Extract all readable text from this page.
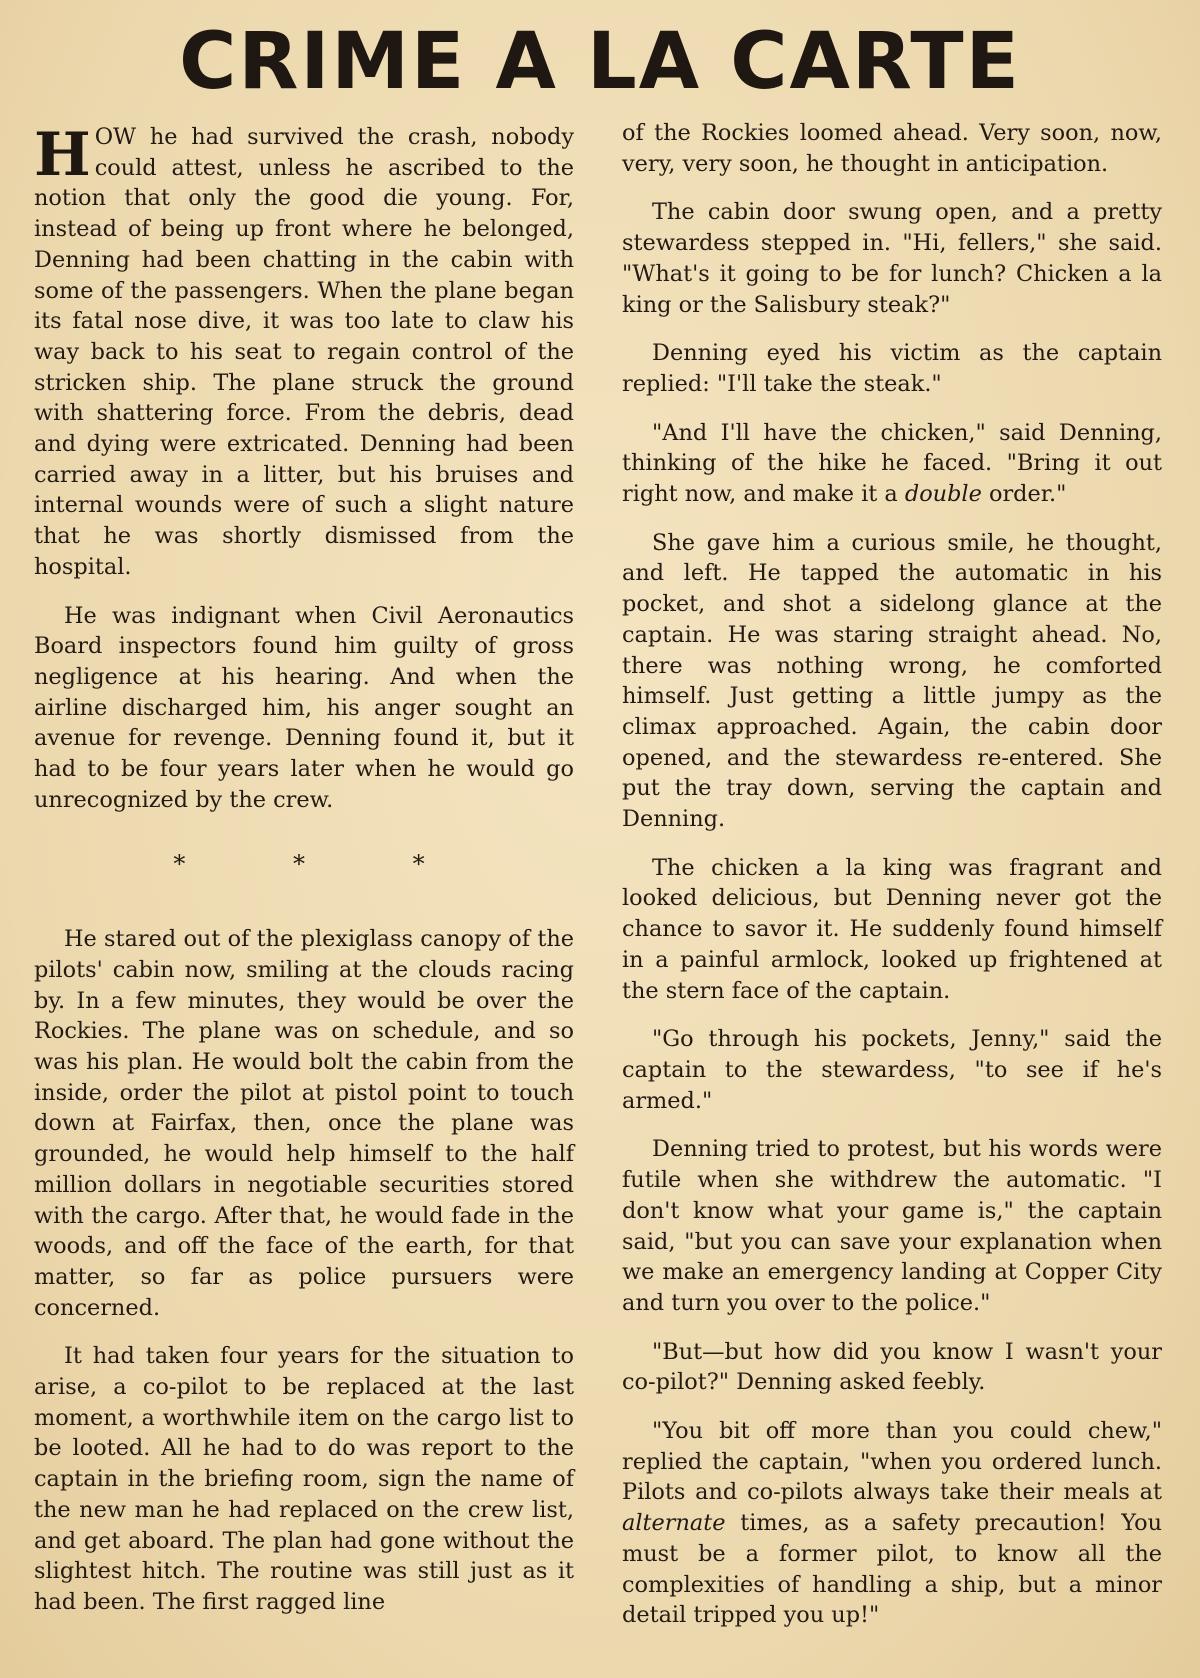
CRIME A LA CARTE

HOW he had survived the crash, nobody could attest, unless he ascribed to the notion that only the good die young. For, instead of being up front where he belonged, Denning had been chatting in the cabin with some of the passengers. When the plane began its fatal nose dive, it was too late to claw his way back to his seat to regain control of the stricken ship. The plane struck the ground with shattering force. From the debris, dead and dying were extricated. Denning had been carried away in a litter, but his bruises and internal wounds were of such a slight nature that he was shortly dismissed from the hospital.

He was indignant when Civil Aeronautics Board inspectors found him guilty of gross negligence at his hearing. And when the airline discharged him, his anger sought an avenue for revenge. Denning found it, but it had to be four years later when he would go unrecognized by the crew.

* * *

He stared out of the plexiglass canopy of the pilots' cabin now, smiling at the clouds racing by. In a few minutes, they would be over the Rockies. The plane was on schedule, and so was his plan. He would bolt the cabin from the inside, order the pilot at pistol point to touch down at Fairfax, then, once the plane was grounded, he would help himself to the half million dollars in negotiable securities stored with the cargo. After that, he would fade in the woods, and off the face of the earth, for that matter, so far as police pursuers were concerned.

It had taken four years for the situation to arise, a co-pilot to be replaced at the last moment, a worthwhile item on the cargo list to be looted. All he had to do was report to the captain in the briefing room, sign the name of the new man he had replaced on the crew list, and get aboard. The plan had gone without the slightest hitch. The routine was still just as it had been. The first ragged line

of the Rockies loomed ahead. Very soon, now, very, very soon, he thought in anticipation.

The cabin door swung open, and a pretty stewardess stepped in. "Hi, fellers," she said. "What's it going to be for lunch? Chicken a la king or the Salisbury steak?"

Denning eyed his victim as the captain replied: "I'll take the steak."

"And I'll have the chicken," said Denning, thinking of the hike he faced. "Bring it out right now, and make it a double order."

She gave him a curious smile, he thought, and left. He tapped the automatic in his pocket, and shot a sidelong glance at the captain. He was staring straight ahead. No, there was nothing wrong, he comforted himself. Just getting a little jumpy as the climax approached. Again, the cabin door opened, and the stewardess re-entered. She put the tray down, serving the captain and Denning.

The chicken a la king was fragrant and looked delicious, but Denning never got the chance to savor it. He suddenly found himself in a painful armlock, looked up frightened at the stern face of the captain.

"Go through his pockets, Jenny," said the captain to the stewardess, "to see if he's armed."

Denning tried to protest, but his words were futile when she withdrew the automatic. "I don't know what your game is," the captain said, "but you can save your explanation when we make an emergency landing at Copper City and turn you over to the police."

"But—but how did you know I wasn't your co-pilot?" Denning asked feebly.

"You bit off more than you could chew," replied the captain, "when you ordered lunch. Pilots and co-pilots always take their meals at alternate times, as a safety precaution! You must be a former pilot, to know all the complexities of handling a ship, but a minor detail tripped you up!"
